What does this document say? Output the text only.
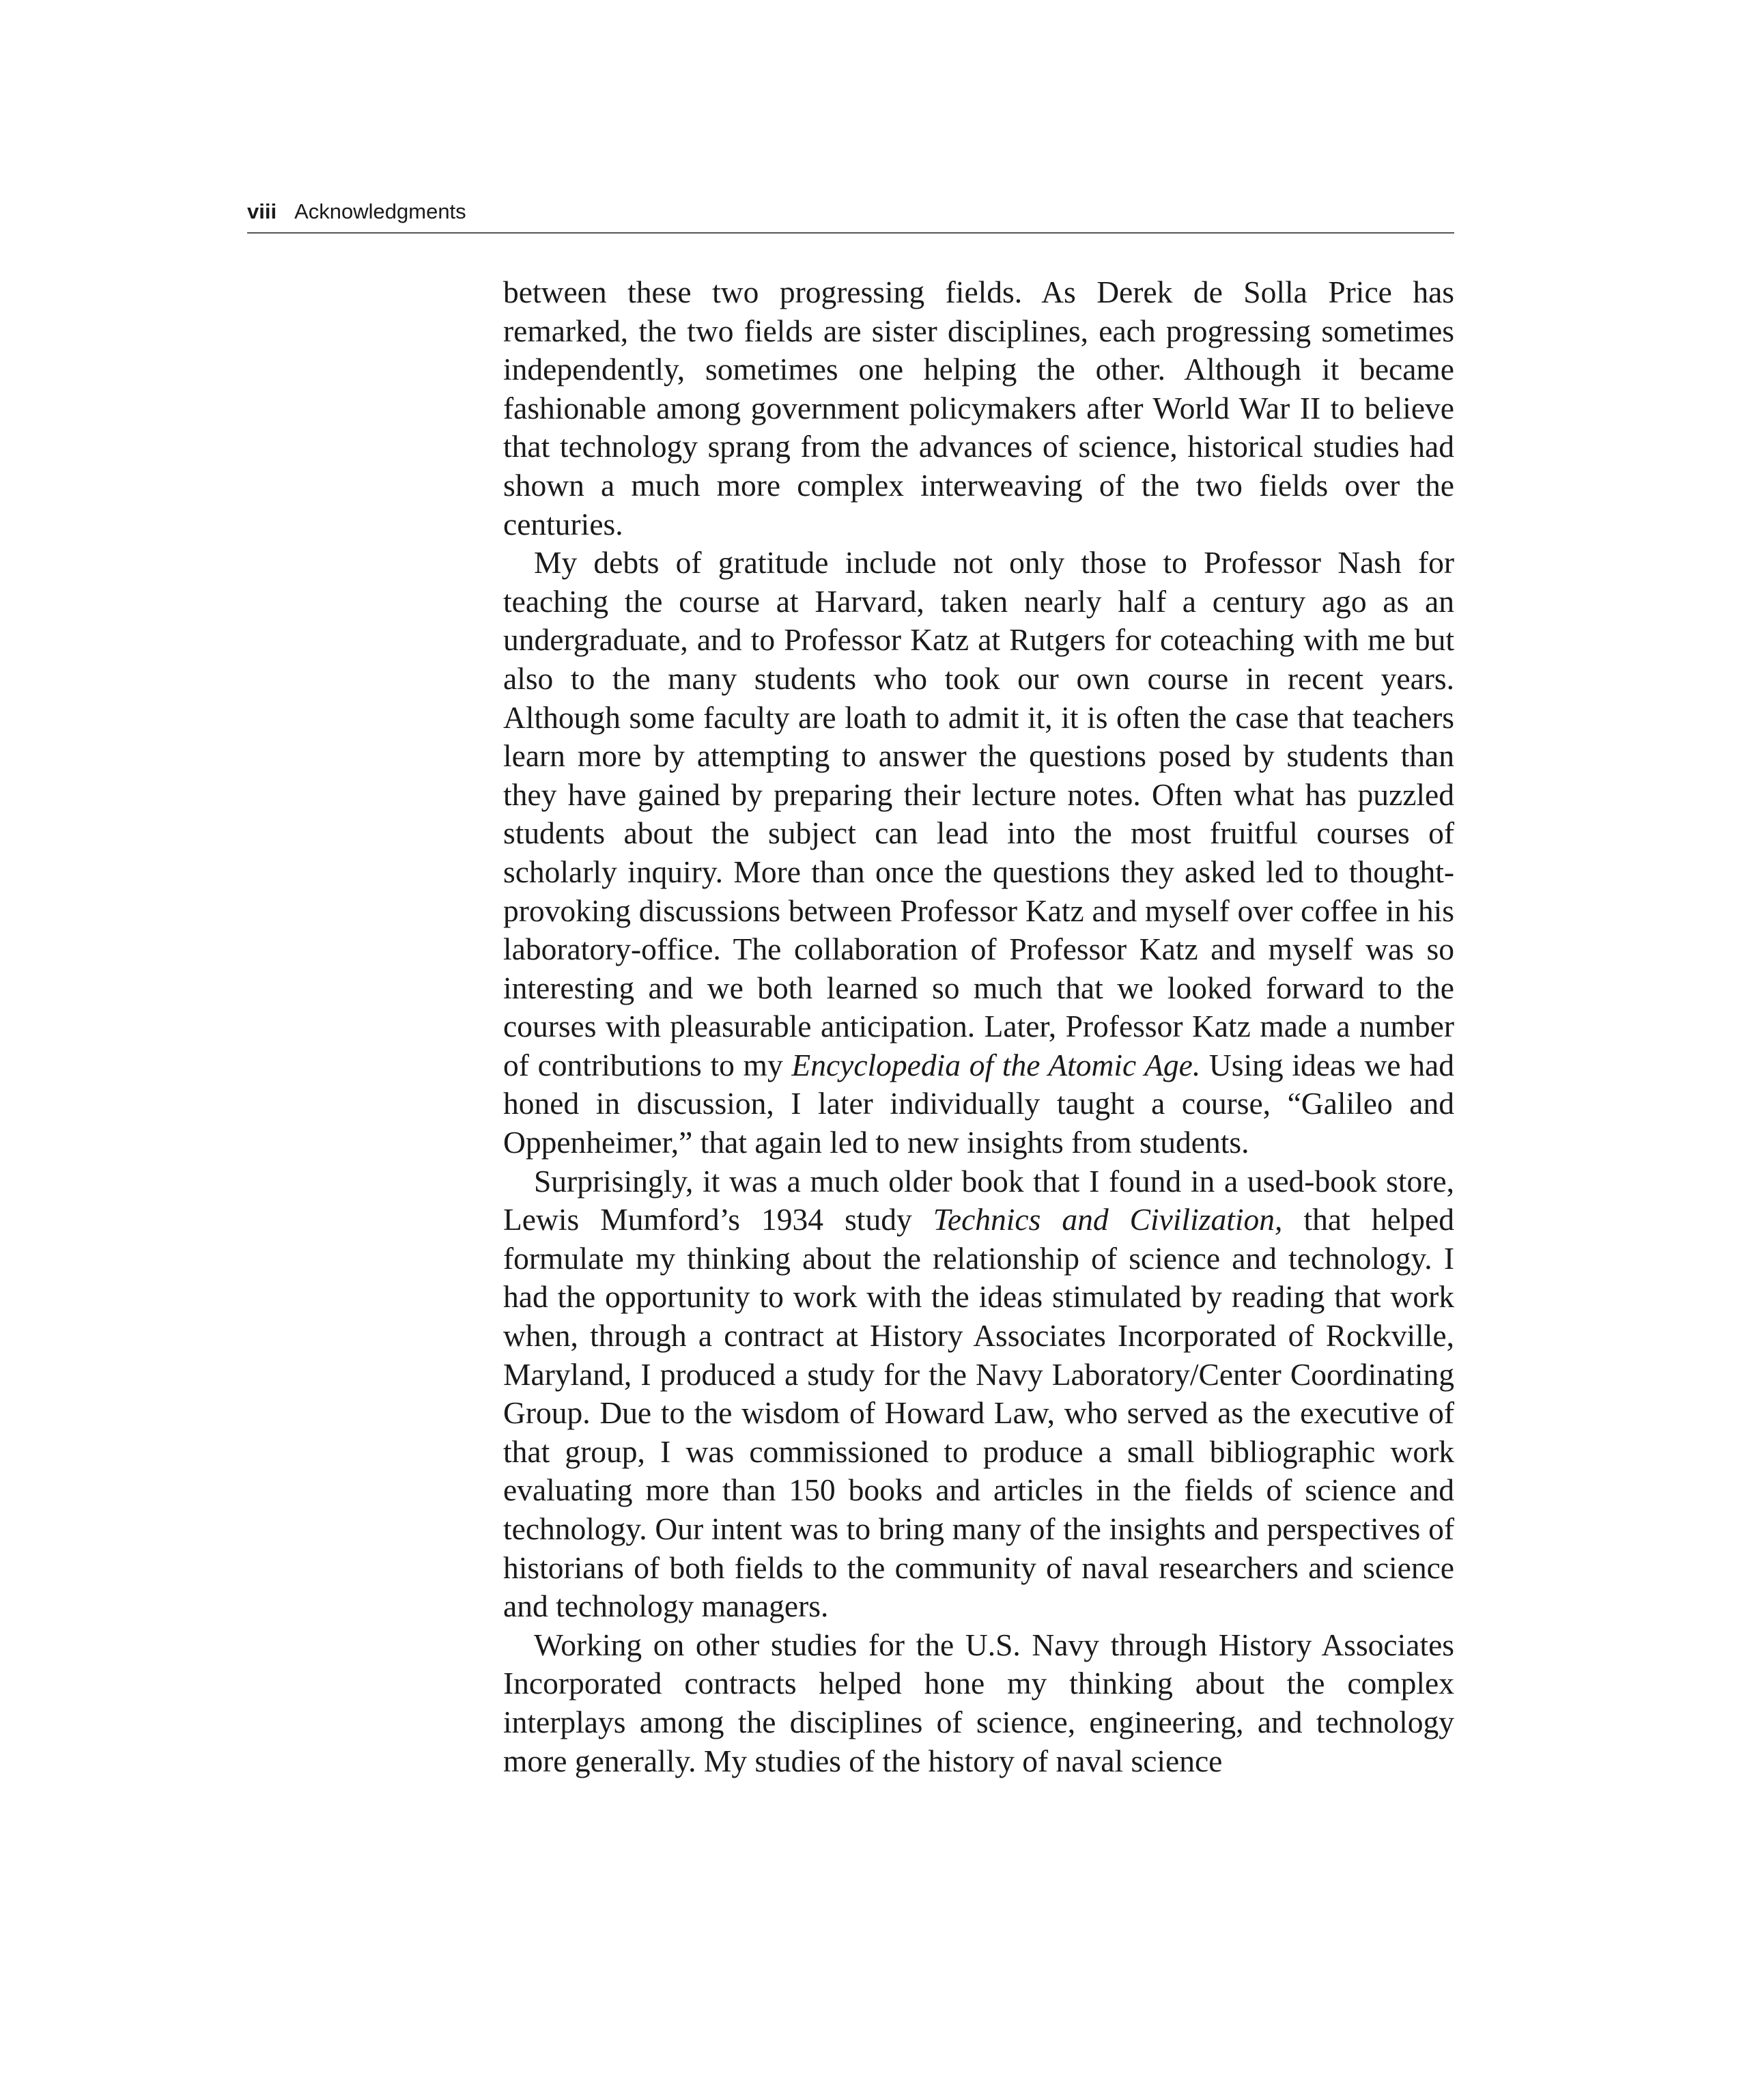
viii Acknowledgments

between these two progressing fields. As Derek de Solla Price has remarked, the two fields are sister disciplines, each progressing sometimes independently, sometimes one helping the other. Although it became fashionable among government policymakers after World War II to believe that technology sprang from the advances of science, historical studies had shown a much more complex interweaving of the two fields over the centuries.

My debts of gratitude include not only those to Professor Nash for teaching the course at Harvard, taken nearly half a century ago as an undergraduate, and to Professor Katz at Rutgers for coteaching with me but also to the many students who took our own course in recent years. Although some faculty are loath to admit it, it is often the case that teachers learn more by attempting to answer the questions posed by students than they have gained by preparing their lecture notes. Often what has puzzled students about the subject can lead into the most fruitful courses of scholarly inquiry. More than once the questions they asked led to thought-provoking discussions between Professor Katz and myself over coffee in his laboratory-office. The collaboration of Professor Katz and myself was so interesting and we both learned so much that we looked forward to the courses with pleasurable anticipation. Later, Professor Katz made a number of contributions to my Encyclopedia of the Atomic Age. Using ideas we had honed in discussion, I later individually taught a course, “Galileo and Oppenheimer,” that again led to new insights from students.

Surprisingly, it was a much older book that I found in a used-book store, Lewis Mumford’s 1934 study Technics and Civilization, that helped formulate my thinking about the relationship of science and technology. I had the opportunity to work with the ideas stimulated by reading that work when, through a contract at History Associates Incorporated of Rockville, Maryland, I produced a study for the Navy Laboratory/Center Coordinating Group. Due to the wisdom of Howard Law, who served as the executive of that group, I was commissioned to produce a small bibliographic work evaluating more than 150 books and articles in the fields of science and technology. Our intent was to bring many of the insights and perspectives of historians of both fields to the community of naval researchers and science and technology managers.

Working on other studies for the U.S. Navy through History Associates Incorporated contracts helped hone my thinking about the complex interplays among the disciplines of science, engineering, and technology more generally. My studies of the history of naval science
